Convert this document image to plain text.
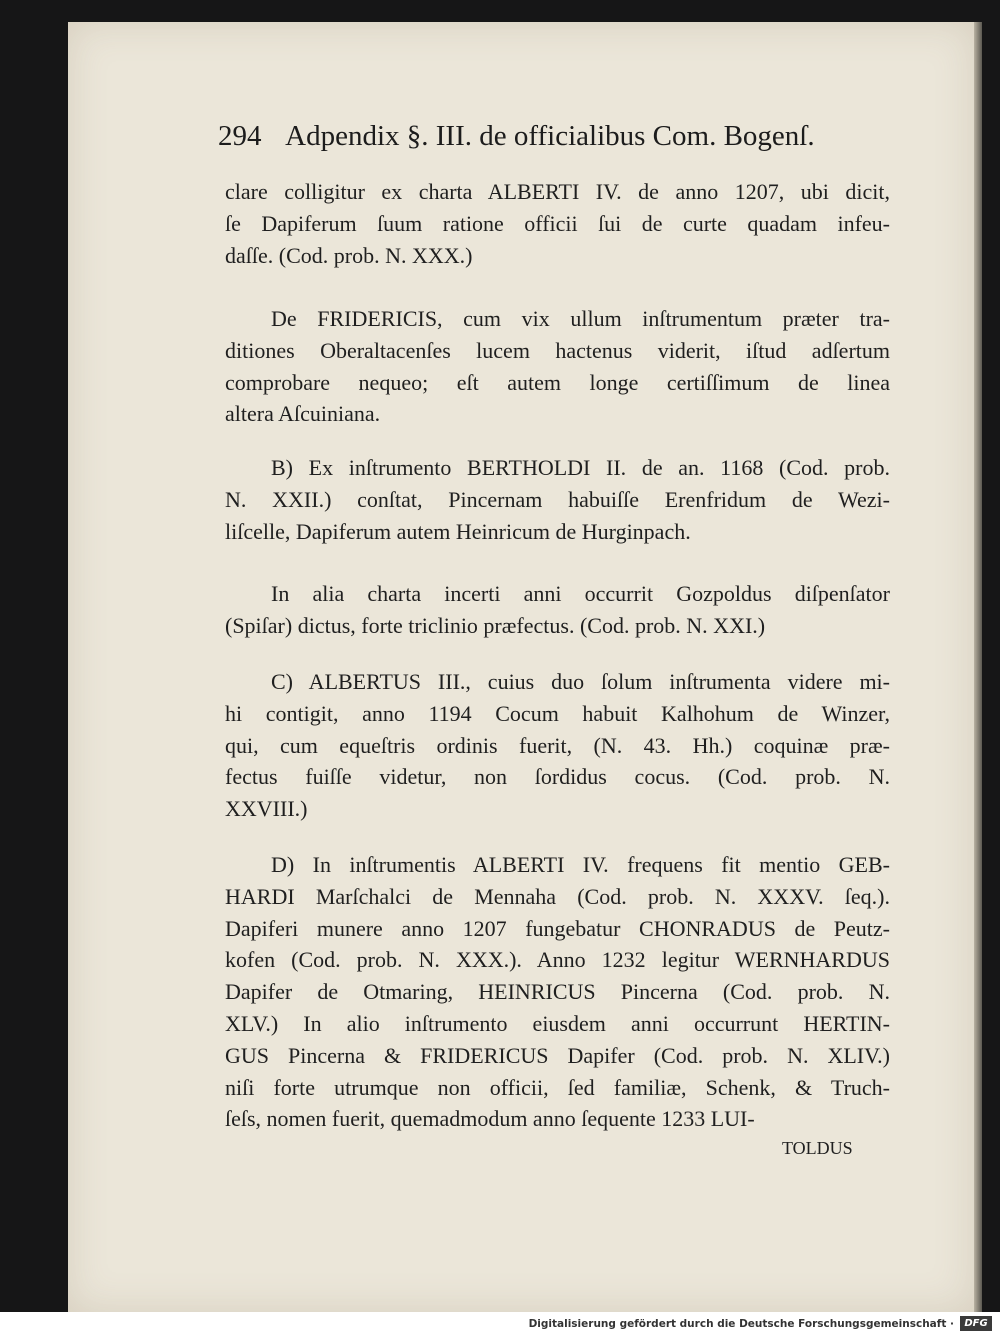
294 Adpendix §. III. de officialibus Com. Bogenſ.
clare colligitur ex charta ALBERTI IV. de anno 1207, ubi dicit,
ſe Dapiferum ſuum ratione officii ſui de curte quadam infeu-
daſſe. (Cod. prob. N. XXX.)
De FRIDERICIS, cum vix ullum inſtrumentum præter tra-
ditiones Oberaltacenſes lucem hactenus viderit, iſtud adſertum
comprobare nequeo; eſt autem longe certiſſimum de linea
altera Aſcuiniana.
B) Ex inſtrumento BERTHOLDI II. de an. 1168 (Cod. prob.
N. XXII.) conſtat, Pincernam habuiſſe Erenfridum de Wezi-
liſcelle, Dapiferum autem Heinricum de Hurginpach.
In alia charta incerti anni occurrit Gozpoldus diſpenſator
(Spiſar) dictus, forte triclinio præfectus. (Cod. prob. N. XXI.)
C) ALBERTUS III., cuius duo ſolum inſtrumenta videre mi-
hi contigit, anno 1194 Cocum habuit Kalhohum de Winzer,
qui, cum equeſtris ordinis fuerit, (N. 43. Hh.) coquinæ præ-
fectus fuiſſe videtur, non ſordidus cocus. (Cod. prob. N.
XXVIII.)
D) In inſtrumentis ALBERTI IV. frequens fit mentio GEB-
HARDI Marſchalci de Mennaha (Cod. prob. N. XXXV. ſeq.).
Dapiferi munere anno 1207 fungebatur CHONRADUS de Peutz-
kofen (Cod. prob. N. XXX.). Anno 1232 legitur WERNHARDUS
Dapifer de Otmaring, HEINRICUS Pincerna (Cod. prob. N.
XLV.) In alio inſtrumento eiusdem anni occurrunt HERTIN-
GUS Pincerna & FRIDERICUS Dapifer (Cod. prob. N. XLIV.)
niſi forte utrumque non officii, ſed familiæ, Schenk, & Truch-
ſeſs, nomen fuerit, quemadmodum anno ſequente 1233 LUI-
TOLDUS
Digitalisierung gefördert durch die Deutsche Forschungsgemeinschaft ·	DFG
